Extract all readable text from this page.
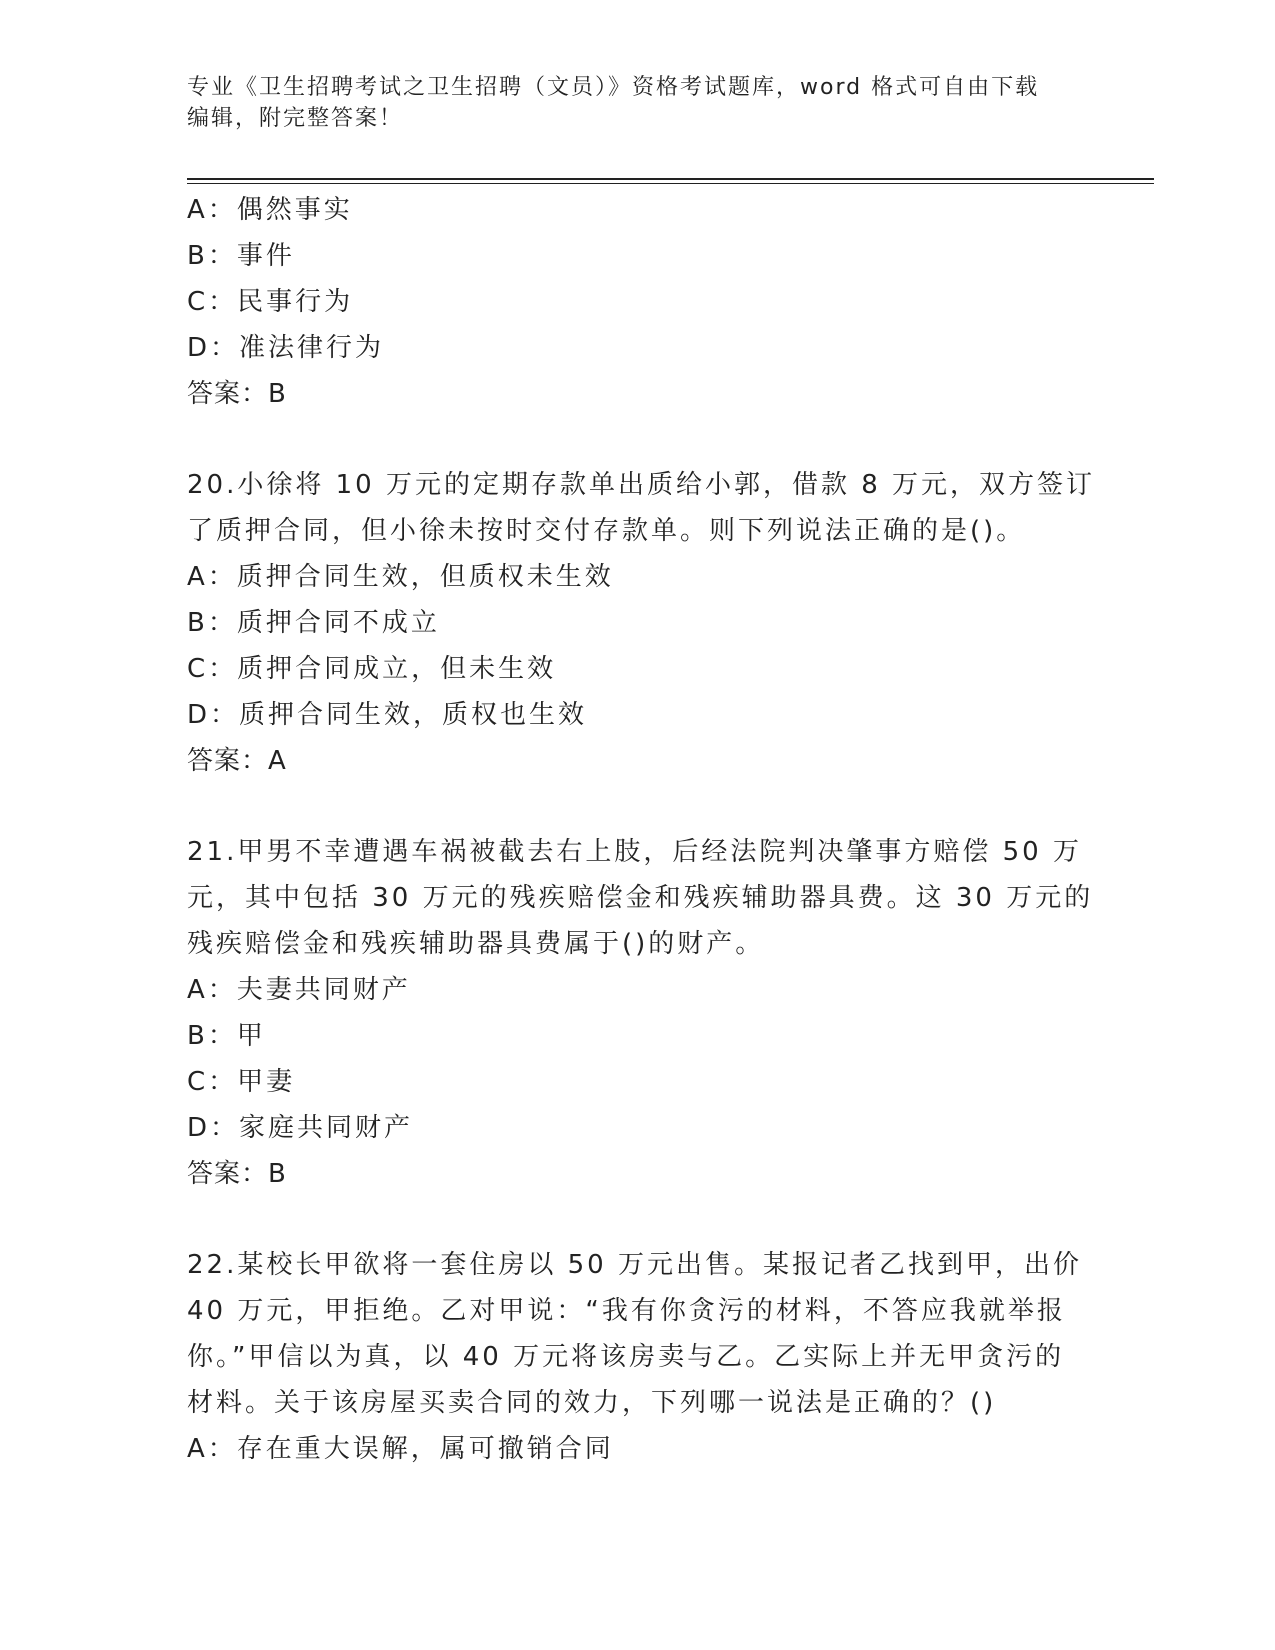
专业《卫生招聘考试之卫生招聘（文员）》资格考试题库，word 格式可自由下载
编辑，附完整答案！
A：偶然事实
B：事件
C：民事行为
D：准法律行为
答案：B
20.小徐将 10 万元的定期存款单出质给小郭，借款 8 万元，双方签订
了质押合同，但小徐未按时交付存款单。则下列说法正确的是()。
A：质押合同生效，但质权未生效
B：质押合同不成立
C：质押合同成立，但未生效
D：质押合同生效，质权也生效
答案：A
21.甲男不幸遭遇车祸被截去右上肢，后经法院判决肇事方赔偿 50 万
元，其中包括 30 万元的残疾赔偿金和残疾辅助器具费。这 30 万元的
残疾赔偿金和残疾辅助器具费属于()的财产。
A：夫妻共同财产
B：甲
C：甲妻
D：家庭共同财产
答案：B
22.某校长甲欲将一套住房以 50 万元出售。某报记者乙找到甲，出价
40 万元，甲拒绝。乙对甲说：“我有你贪污的材料，不答应我就举报
你。”甲信以为真，以 40 万元将该房卖与乙。乙实际上并无甲贪污的
材料。关于该房屋买卖合同的效力，下列哪一说法是正确的？()
A：存在重大误解，属可撤销合同
